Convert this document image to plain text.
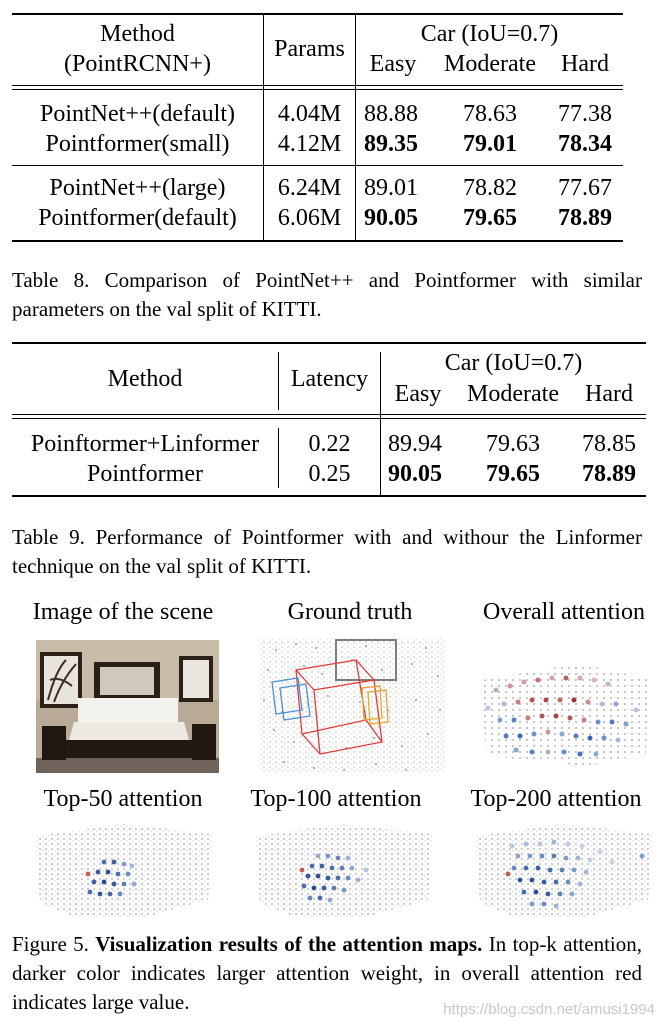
Method
(PointRCNN+)
Params
Car (IoU=0.7)
Easy	Moderate	Hard
PointNet++(default)	4.04M 88.88	78.63	77.38
Pointformer(small)	4.12M 89.35	79.01	78.34
PointNet++(large)	6.24M 89.01	78.82	77.67
Pointformer(default)	6.06M 90.05	79.65	78.89
Table 8. Comparison of PointNet++ and Pointformer with similar parameters on the val split of KITTI.
Method	Latency
Car (IoU=0.7)
Easy	Moderate	Hard
Poinftormer+Linformer	0.22	89.94	79.63	78.85
Pointformer	0.25	90.05	79.65	78.89
Table 9. Performance of Pointformer with and withour the Linformer technique on the val split of KITTI.
Image of the scene	Ground truth	Overall attention
Top-50 attention	Top-100 attention	Top-200 attention
Figure 5. Visualization results of the attention maps. In top-k attention, darker color indicates larger attention weight, in overall attention red indicates large value.	https://blog.csdn.net/amusi1994
